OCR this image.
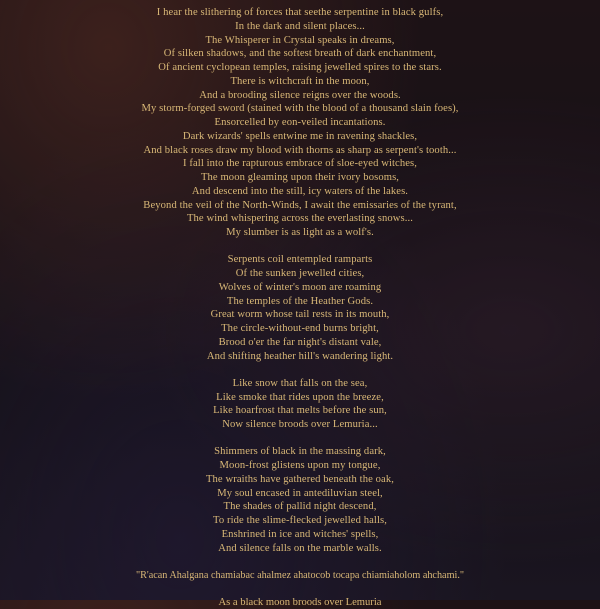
I hear the slithering of forces that seethe serpentine in black gulfs,
In the dark and silent places...
The Whisperer in Crystal speaks in dreams,
Of silken shadows, and the softest breath of dark enchantment,
Of ancient cyclopean temples, raising jewelled spires to the stars.
There is witchcraft in the moon,
And a brooding silence reigns over the woods.
My storm-forged sword (stained with the blood of a thousand slain foes),
Ensorcelled by eon-veiled incantations.
Dark wizards' spells entwine me in ravening shackles,
And black roses draw my blood with thorns as sharp as serpent's tooth...
I fall into the rapturous embrace of sloe-eyed witches,
The moon gleaming upon their ivory bosoms,
And descend into the still, icy waters of the lakes.
Beyond the veil of the North-Winds, I await the emissaries of the tyrant,
The wind whispering across the everlasting snows...
My slumber is as light as a wolf's.
Serpents coil entempled ramparts
Of the sunken jewelled cities,
Wolves of winter's moon are roaming
The temples of the Heather Gods.
Great worm whose tail rests in its mouth,
The circle-without-end burns bright,
Brood o'er the far night's distant vale,
And shifting heather hill's wandering light.
Like snow that falls on the sea,
Like smoke that rides upon the breeze,
Like hoarfrost that melts before the sun,
Now silence broods over Lemuria...
Shimmers of black in the massing dark,
Moon-frost glistens upon my tongue,
The wraiths have gathered beneath the oak,
My soul encased in antediluvian steel,
The shades of pallid night descend,
To ride the slime-flecked jewelled halls,
Enshrined in ice and witches' spells,
And silence falls on the marble walls.
"R'acan Ahalgana chamiabac ahalmez ahatocob tocapa chiamiaholom ahchami."
As a black moon broods over Lemuria
